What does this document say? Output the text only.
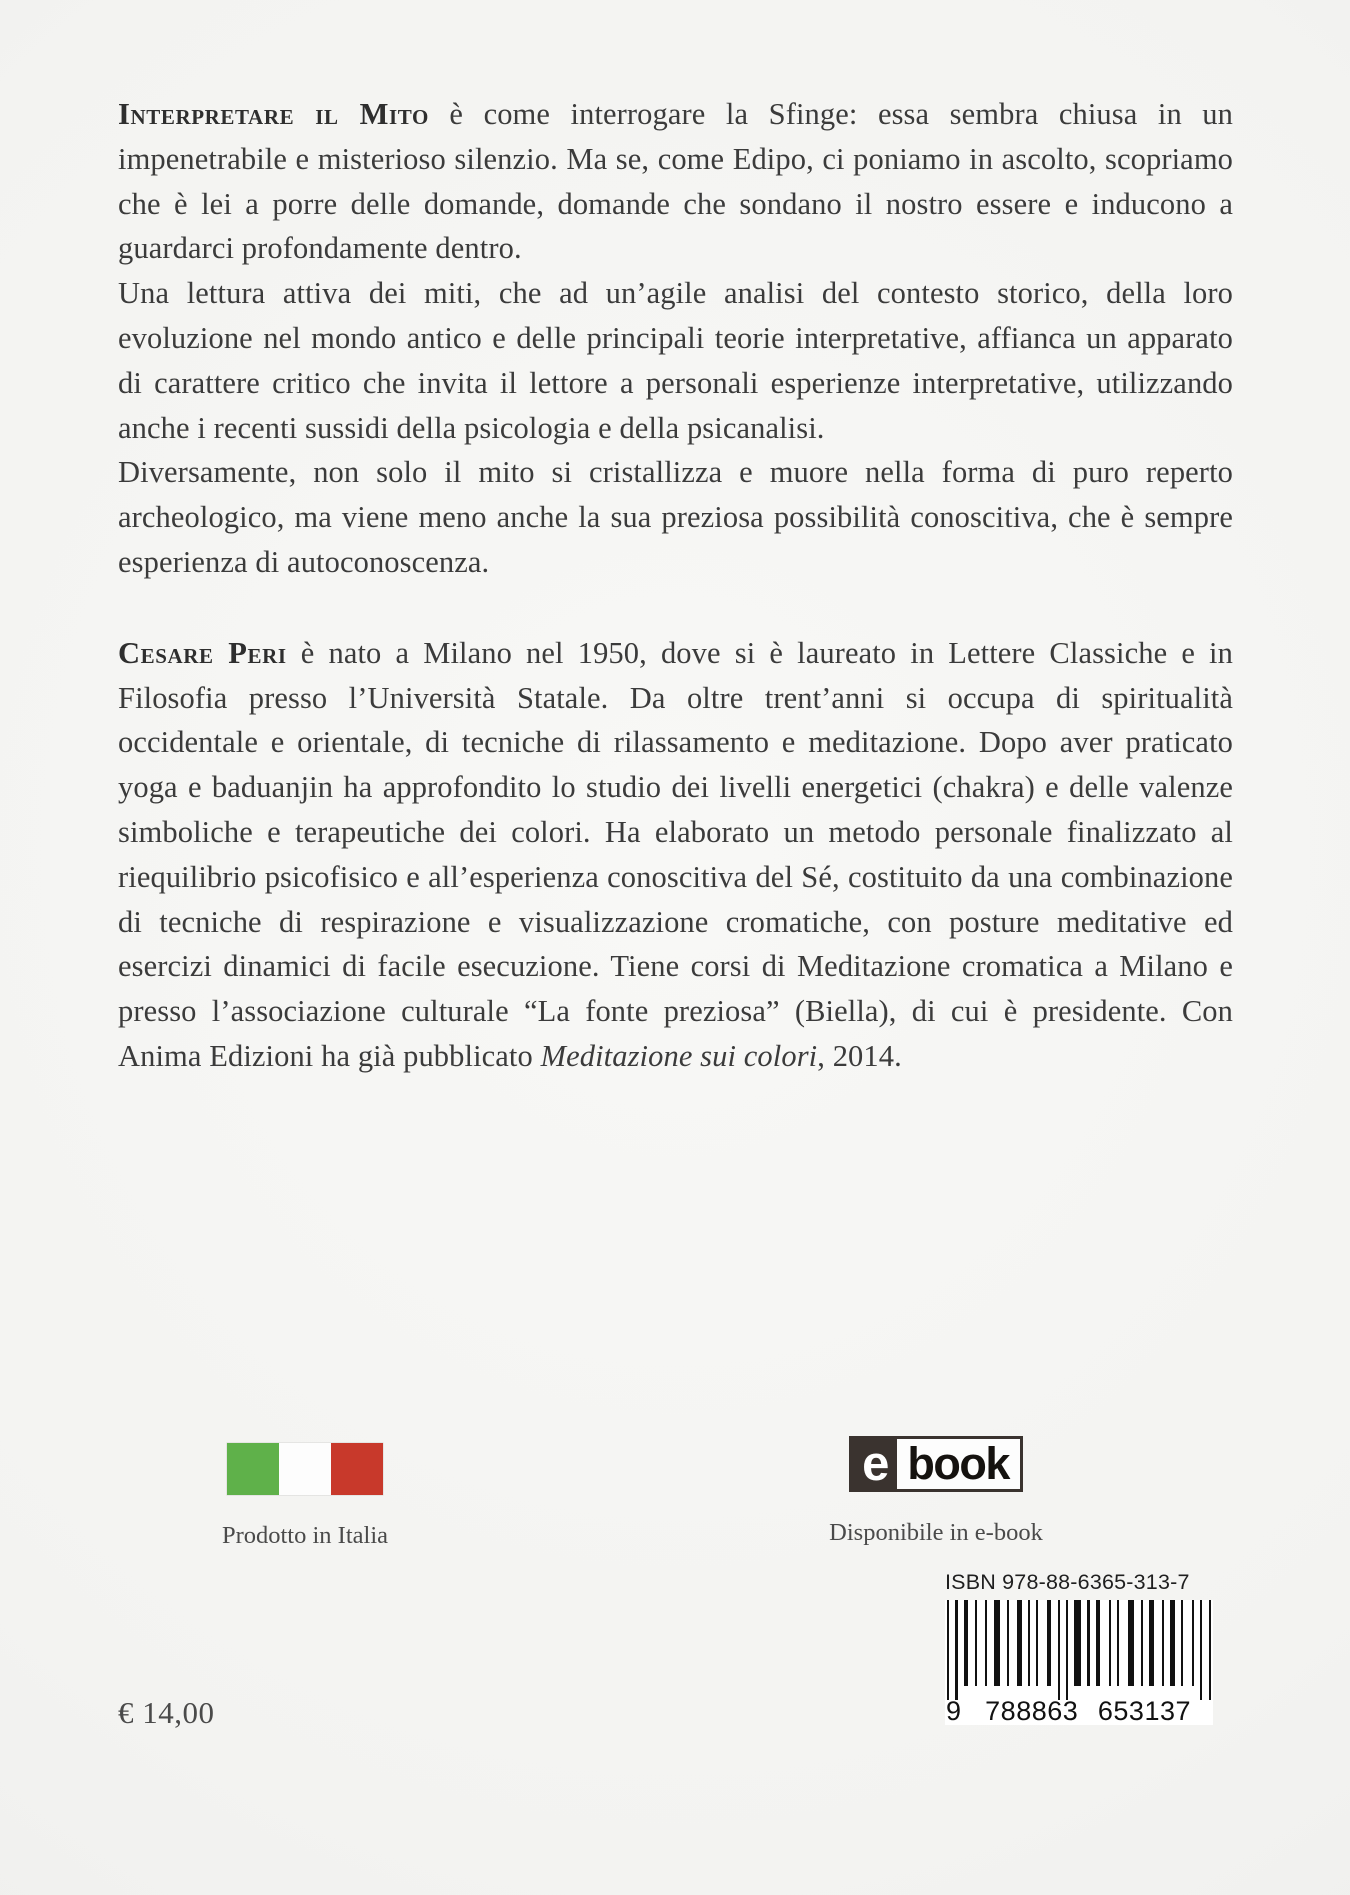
Interpretare il Mito è come interrogare la Sfinge: essa sembra chiusa in un impenetrabile e misterioso silenzio. Ma se, come Edipo, ci poniamo in ascolto, scopriamo che è lei a porre delle domande, domande che sondano il nostro essere e inducono a guardarci profondamente dentro.

Una lettura attiva dei miti, che ad un’agile analisi del contesto storico, della loro evoluzione nel mondo antico e delle principali teorie interpretative, affianca un apparato di carattere critico che invita il lettore a personali esperienze interpretative, utilizzando anche i recenti sussidi della psicologia e della psicanalisi.

Diversamente, non solo il mito si cristallizza e muore nella forma di puro reperto archeologico, ma viene meno anche la sua preziosa possibilità conoscitiva, che è sempre esperienza di autoconoscenza.

Cesare Peri è nato a Milano nel 1950, dove si è laureato in Lettere Classiche e in Filosofia presso l’Università Statale. Da oltre trent’anni si occupa di spiritualità occidentale e orientale, di tecniche di rilassamento e meditazione. Dopo aver praticato yoga e baduanjin ha approfondito lo studio dei livelli energetici (chakra) e delle valenze simboliche e terapeutiche dei colori. Ha elaborato un metodo personale finalizzato al riequilibrio psicofisico e all’esperienza conoscitiva del Sé, costituito da una combinazione di tecniche di respirazione e visualizzazione cromatiche, con posture meditative ed esercizi dinamici di facile esecuzione. Tiene corsi di Meditazione cromatica a Milano e presso l’associazione culturale “La fonte preziosa” (Biella), di cui è presidente. Con Anima Edizioni ha già pubblicato Meditazione sui colori, 2014.

Prodotto in Italia
e book
Disponibile in e-book
ISBN 978-88-6365-313-7
9 788863 653137
€ 14,00
